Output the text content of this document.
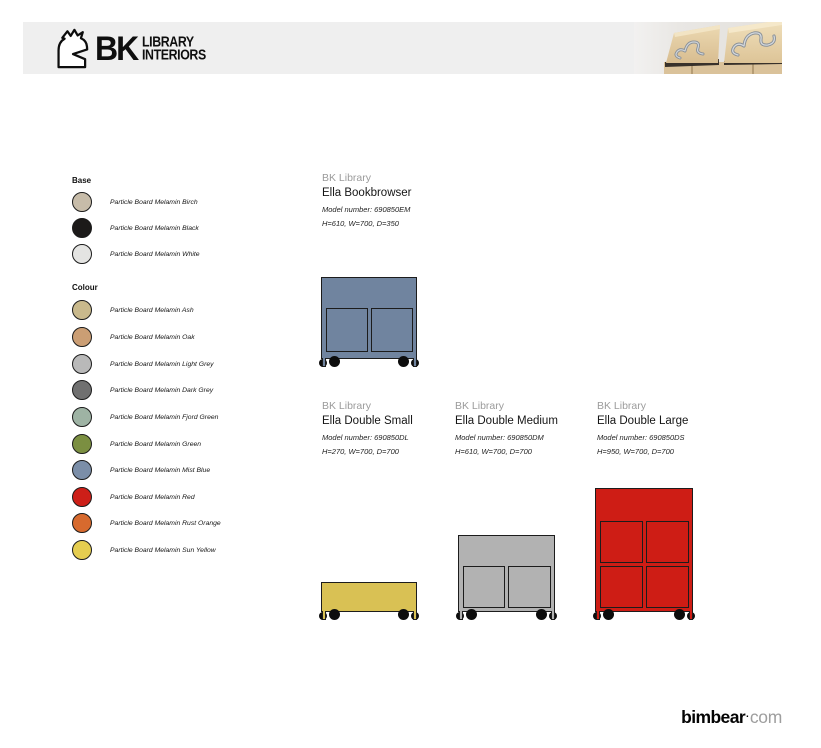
BK LIBRARY
INTERIORS
Base
Particle Board Melamin Birch
Particle Board Melamin Black
Particle Board Melamin White
Colour
Particle Board Melamin Ash
Particle Board Melamin Oak
Particle Board Melamin Light Grey
Particle Board Melamin Dark Grey
Particle Board Melamin Fjord Green
Particle Board Melamin Green
Particle Board Melamin Mist Blue
Particle Board Melamin Red
Particle Board Melamin Rust Orange
Particle Board Melamin Sun Yellow
BK Library
Ella Bookbrowser
Model number: 690850EM
H=610, W=700, D=350
BK Library
Ella Double Small
Model number: 690850DL
H=270, W=700, D=700
BK Library
Ella Double Medium
Model number: 690850DM
H=610, W=700, D=700
BK Library
Ella Double Large
Model number: 690850DS
H=950, W=700, D=700
bimbear.com
